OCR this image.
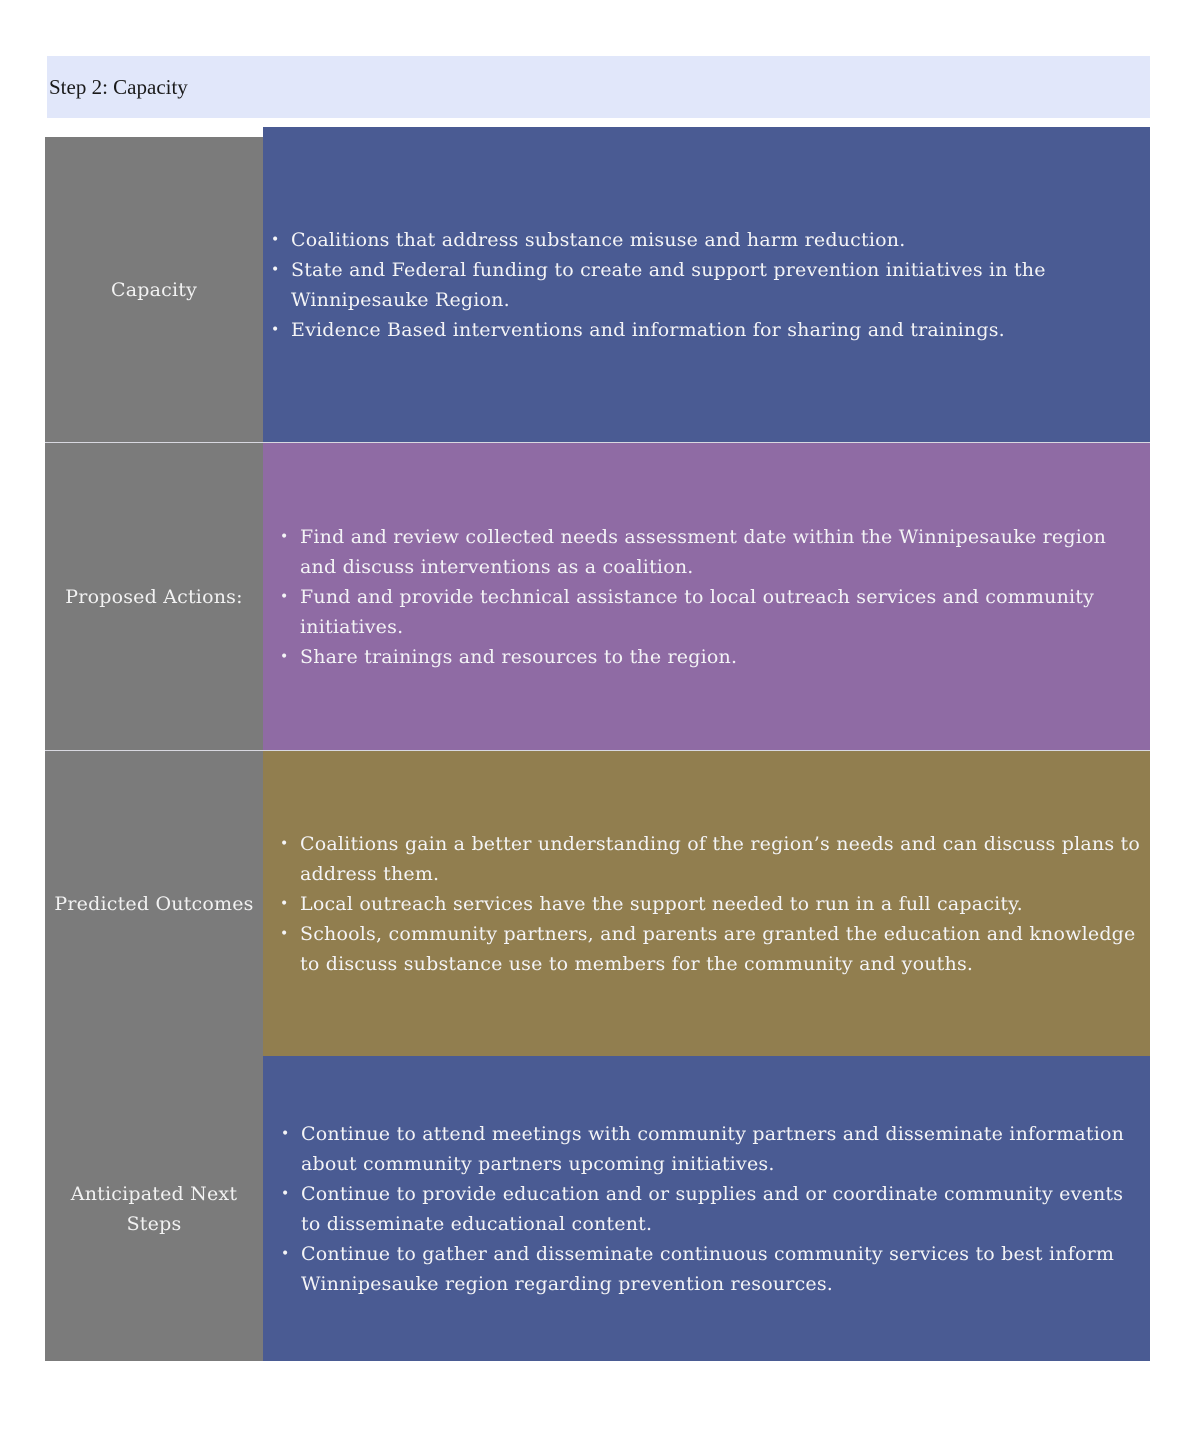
Step 2: Capacity
Capacity
• Coalitions that address substance misuse and harm reduction.
• State and Federal funding to create and support prevention initiatives in the Winnipesauke Region.
• Evidence Based interventions and information for sharing and trainings.
Proposed Actions:
• Find and review collected needs assessment date within the Winnipesauke region and discuss interventions as a coalition.
• Fund and provide technical assistance to local outreach services and community initiatives.
• Share trainings and resources to the region.
Predicted Outcomes
• Coalitions gain a better understanding of the region’s needs and can discuss plans to address them.
• Local outreach services have the support needed to run in a full capacity.
• Schools, community partners, and parents are granted the education and knowledge to discuss substance use to members for the community and youths.
Anticipated Next Steps
• Continue to attend meetings with community partners and disseminate information about community partners upcoming initiatives.
• Continue to provide education and or supplies and or coordinate community events to disseminate educational content.
• Continue to gather and disseminate continuous community services to best inform Winnipesauke region regarding prevention resources.
